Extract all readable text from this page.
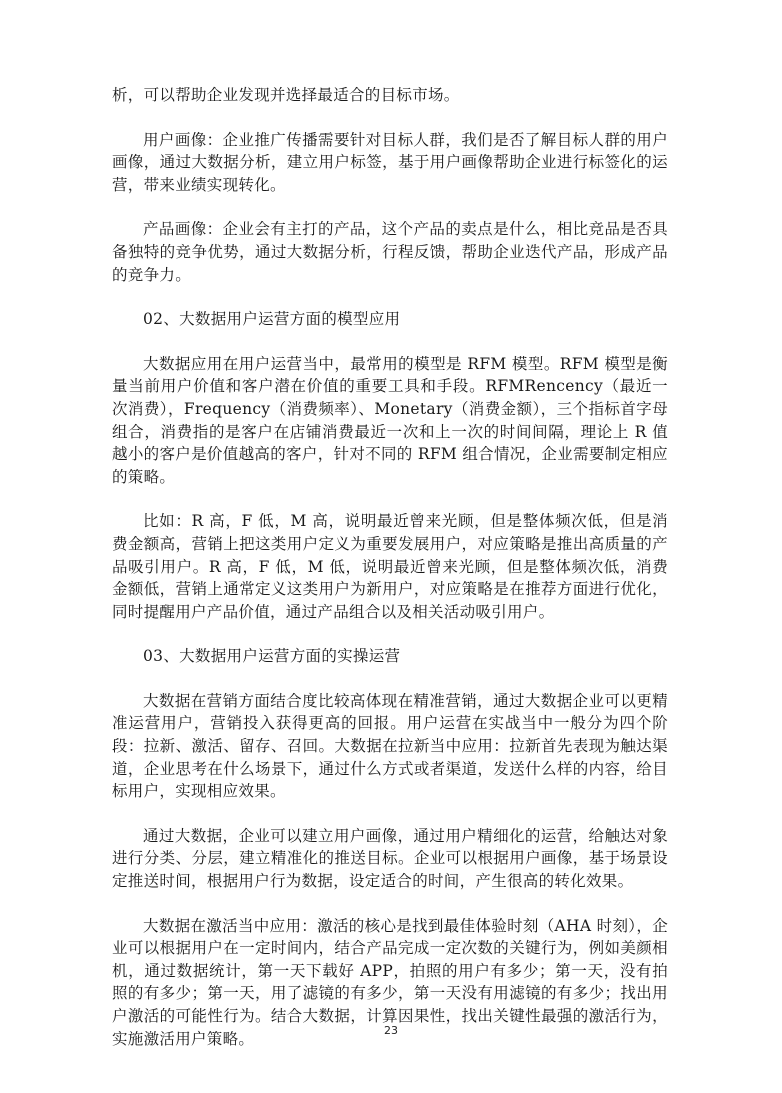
析，可以帮助企业发现并选择最适合的目标市场。

用户画像：企业推广传播需要针对目标人群，我们是否了解目标人群的用户画像，通过大数据分析，建立用户标签，基于用户画像帮助企业进行标签化的运营，带来业绩实现转化。

产品画像：企业会有主打的产品，这个产品的卖点是什么，相比竞品是否具备独特的竞争优势，通过大数据分析，行程反馈，帮助企业迭代产品，形成产品的竞争力。

02、大数据用户运营方面的模型应用

大数据应用在用户运营当中，最常用的模型是 RFM 模型。RFM 模型是衡量当前用户价值和客户潜在价值的重要工具和手段。RFMRencency（最近一次消费），Frequency（消费频率）、Monetary（消费金额），三个指标首字母组合，消费指的是客户在店铺消费最近一次和上一次的时间间隔，理论上 R 值越小的客户是价值越高的客户，针对不同的 RFM 组合情况，企业需要制定相应的策略。

比如：R 高，F 低，M 高，说明最近曾来光顾，但是整体频次低，但是消费金额高，营销上把这类用户定义为重要发展用户，对应策略是推出高质量的产品吸引用户。R 高，F 低，M 低，说明最近曾来光顾，但是整体频次低，消费金额低，营销上通常定义这类用户为新用户，对应策略是在推荐方面进行优化，同时提醒用户产品价值，通过产品组合以及相关活动吸引用户。

03、大数据用户运营方面的实操运营

大数据在营销方面结合度比较高体现在精准营销，通过大数据企业可以更精准运营用户，营销投入获得更高的回报。用户运营在实战当中一般分为四个阶段：拉新、激活、留存、召回。大数据在拉新当中应用：拉新首先表现为触达渠道，企业思考在什么场景下，通过什么方式或者渠道，发送什么样的内容，给目标用户，实现相应效果。

通过大数据，企业可以建立用户画像，通过用户精细化的运营，给触达对象进行分类、分层，建立精准化的推送目标。企业可以根据用户画像，基于场景设定推送时间，根据用户行为数据，设定适合的时间，产生很高的转化效果。

大数据在激活当中应用：激活的核心是找到最佳体验时刻（AHA 时刻），企业可以根据用户在一定时间内，结合产品完成一定次数的关键行为，例如美颜相机，通过数据统计，第一天下载好 APP，拍照的用户有多少；第一天，没有拍照的有多少；第一天，用了滤镜的有多少，第一天没有用滤镜的有多少；找出用户激活的可能性行为。结合大数据，计算因果性，找出关键性最强的激活行为，实施激活用户策略。	23
